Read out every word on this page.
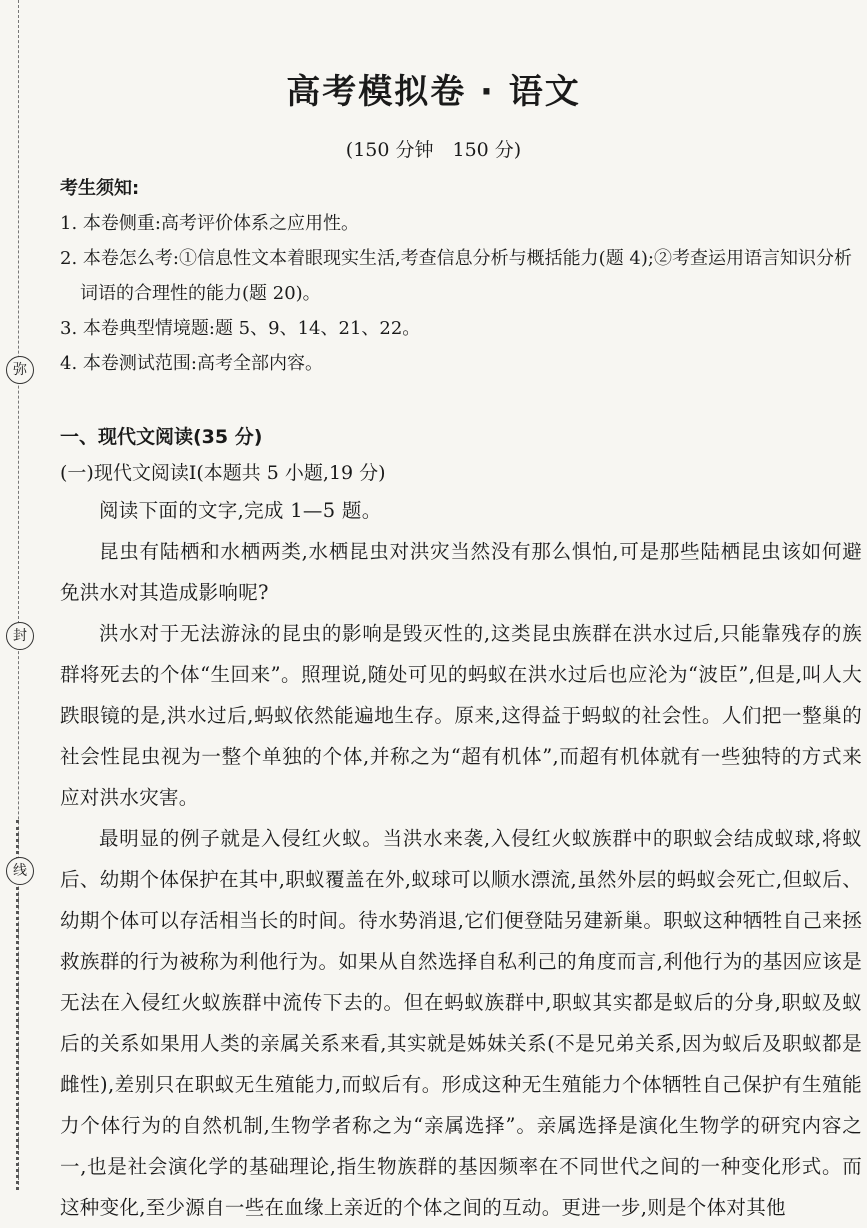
弥
封
线
高考模拟卷 · 语文
(150 分钟　150 分)
考生须知:
1. 本卷侧重:高考评价体系之应用性。
2. 本卷怎么考:①信息性文本着眼现实生活,考查信息分析与概括能力(题 4);②考查运用语言知识分析词语的合理性的能力(题 20)。
3. 本卷典型情境题:题 5、9、14、21、22。
4. 本卷测试范围:高考全部内容。
一、现代文阅读(35 分)
(一)现代文阅读Ⅰ(本题共 5 小题,19 分)
阅读下面的文字,完成 1—5 题。
昆虫有陆栖和水栖两类,水栖昆虫对洪灾当然没有那么惧怕,可是那些陆栖昆虫该如何避免洪水对其造成影响呢?
洪水对于无法游泳的昆虫的影响是毁灭性的,这类昆虫族群在洪水过后,只能靠残存的族群将死去的个体“生回来”。照理说,随处可见的蚂蚁在洪水过后也应沦为“波臣”,但是,叫人大跌眼镜的是,洪水过后,蚂蚁依然能遍地生存。原来,这得益于蚂蚁的社会性。人们把一整巢的社会性昆虫视为一整个单独的个体,并称之为“超有机体”,而超有机体就有一些独特的方式来应对洪水灾害。
最明显的例子就是入侵红火蚁。当洪水来袭,入侵红火蚁族群中的职蚁会结成蚁球,将蚁后、幼期个体保护在其中,职蚁覆盖在外,蚁球可以顺水漂流,虽然外层的蚂蚁会死亡,但蚁后、幼期个体可以存活相当长的时间。待水势消退,它们便登陆另建新巢。职蚁这种牺牲自己来拯救族群的行为被称为利他行为。如果从自然选择自私利己的角度而言,利他行为的基因应该是无法在入侵红火蚁族群中流传下去的。但在蚂蚁族群中,职蚁其实都是蚁后的分身,职蚁及蚁后的关系如果用人类的亲属关系来看,其实就是姊妹关系(不是兄弟关系,因为蚁后及职蚁都是雌性),差别只在职蚁无生殖能力,而蚁后有。形成这种无生殖能力个体牺牲自己保护有生殖能力个体行为的自然机制,生物学者称之为“亲属选择”。亲属选择是演化生物学的研究内容之一,也是社会演化学的基础理论,指生物族群的基因频率在不同世代之间的一种变化形式。而这种变化,至少源自一些在血缘上亲近的个体之间的互动。更进一步,则是个体对其他
